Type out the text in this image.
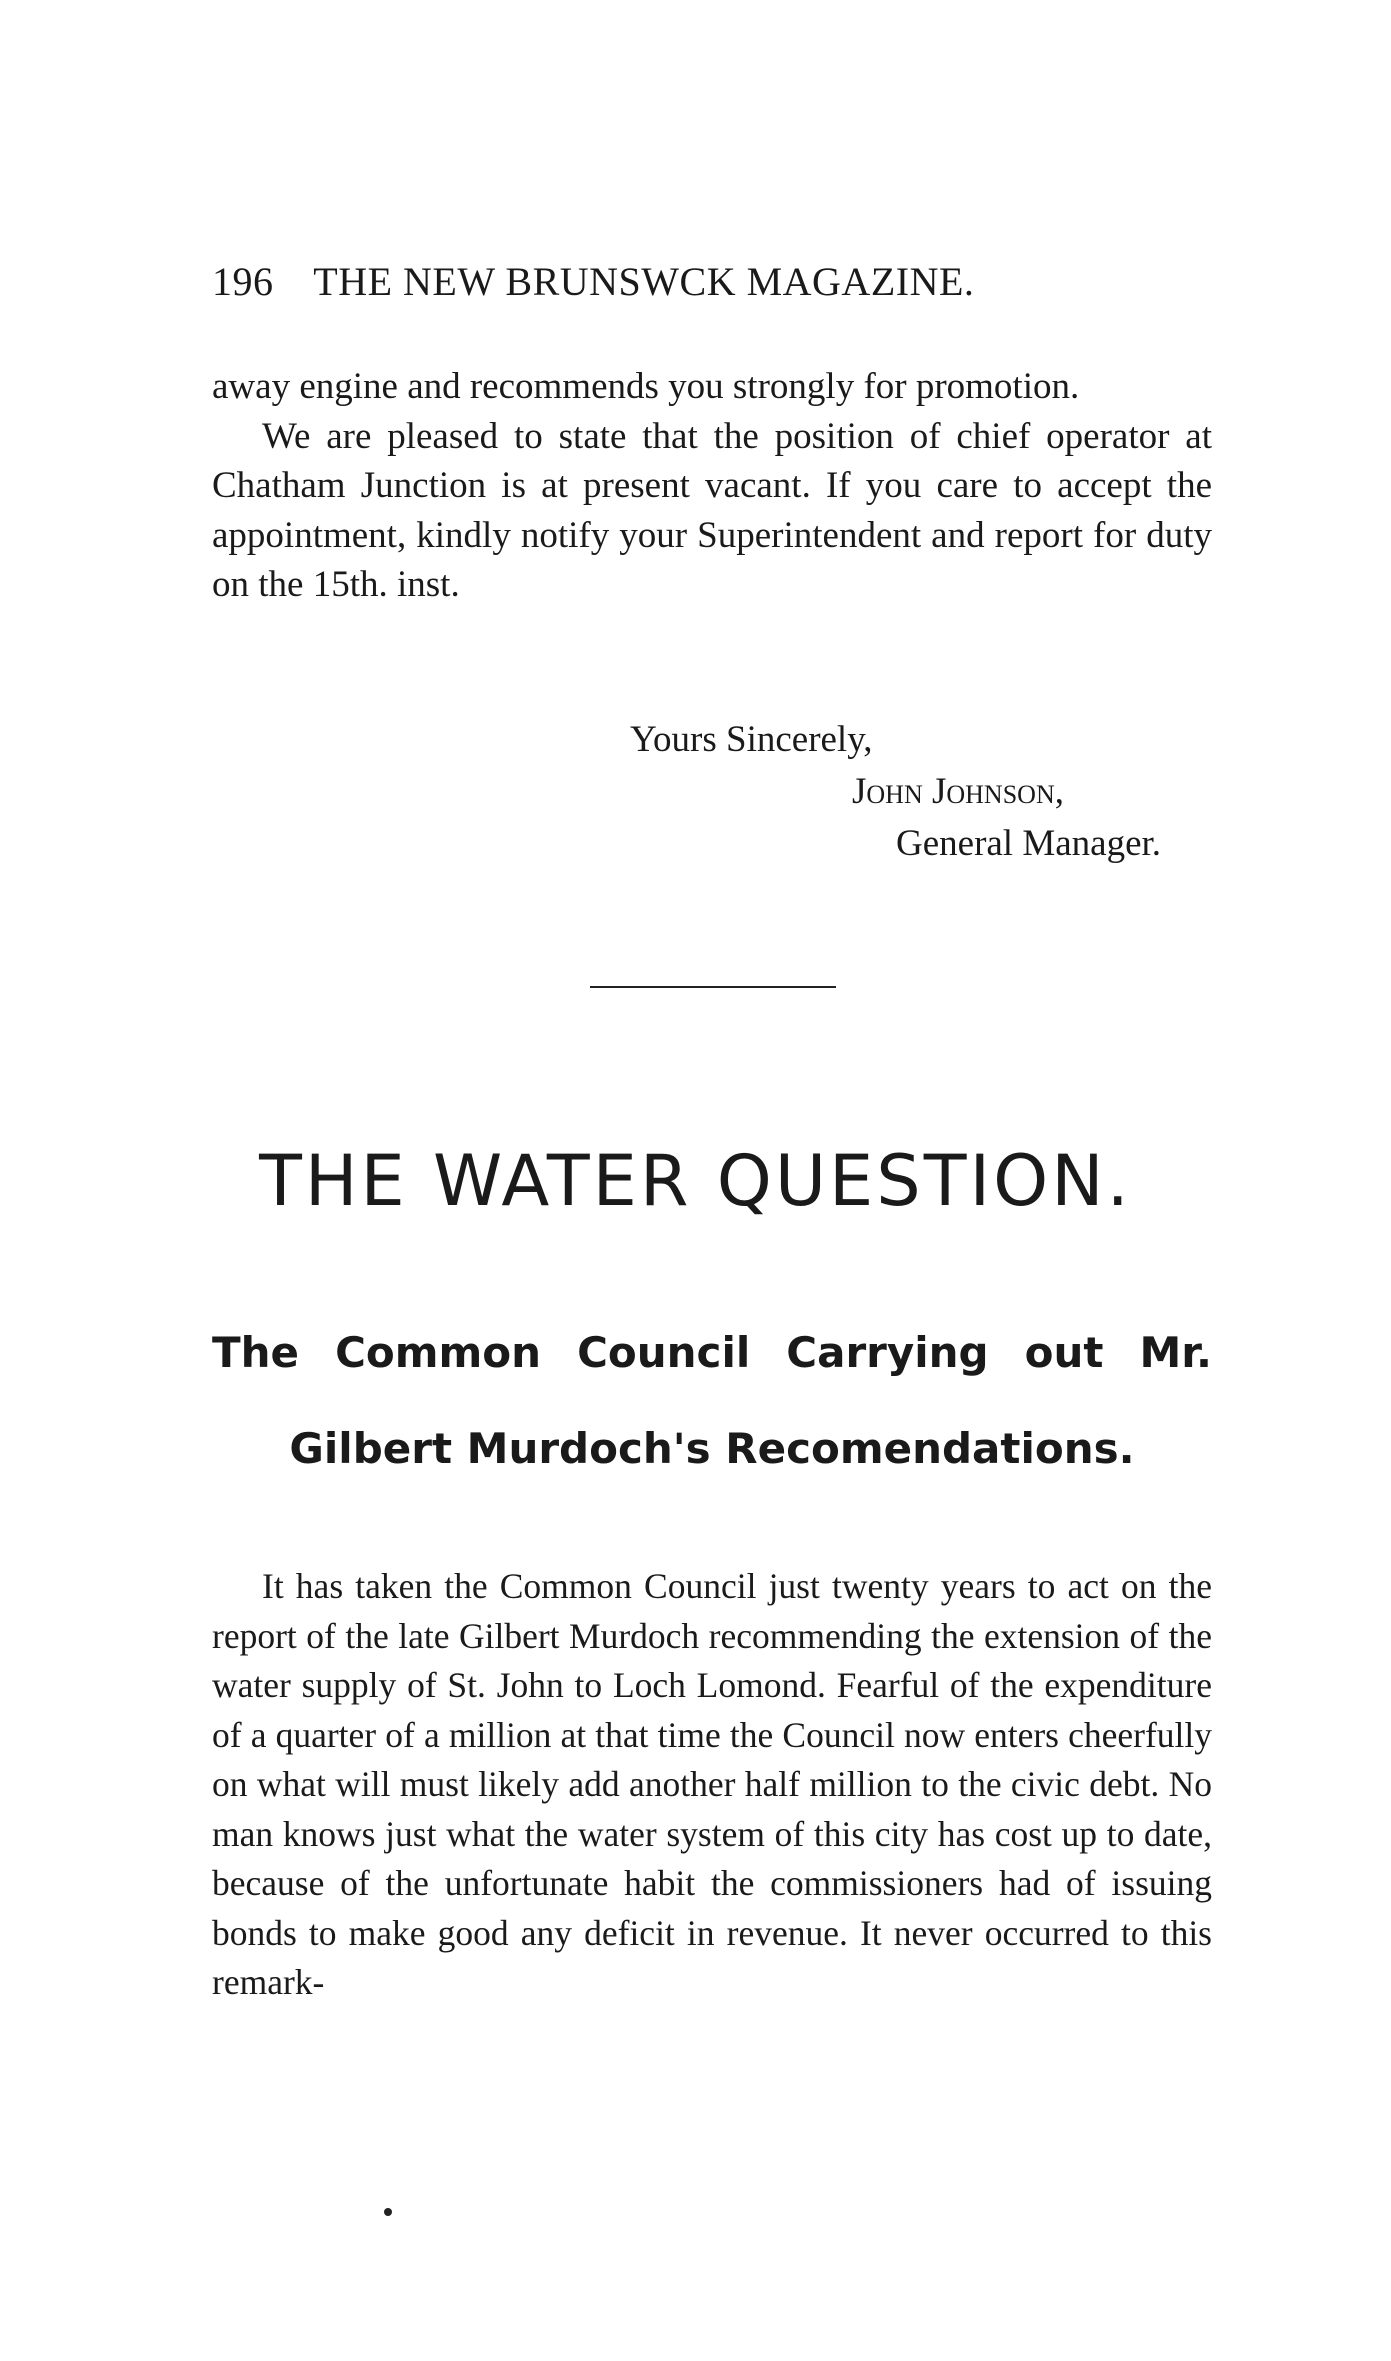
196 THE NEW BRUNSWCK MAGAZINE.

away engine and recommends you strongly for promotion.

We are pleased to state that the position of chief operator at Chatham Junction is at present vacant. If you care to accept the appointment, kindly notify your Superintendent and report for duty on the 15th. inst.

Yours Sincerely,
John Johnson,
General Manager.
THE WATER QUESTION.
The Common Council Carrying out Mr.
Gilbert Murdoch's Recomendations.

It has taken the Common Council just twenty years to act on the report of the late Gilbert Murdoch recommending the extension of the water supply of St. John to Loch Lomond. Fearful of the expenditure of a quarter of a million at that time the Council now enters cheerfully on what will must likely add another half million to the civic debt. No man knows just what the water system of this city has cost up to date, because of the unfortunate habit the commissioners had of issuing bonds to make good any deficit in revenue. It never occurred to this remark-
